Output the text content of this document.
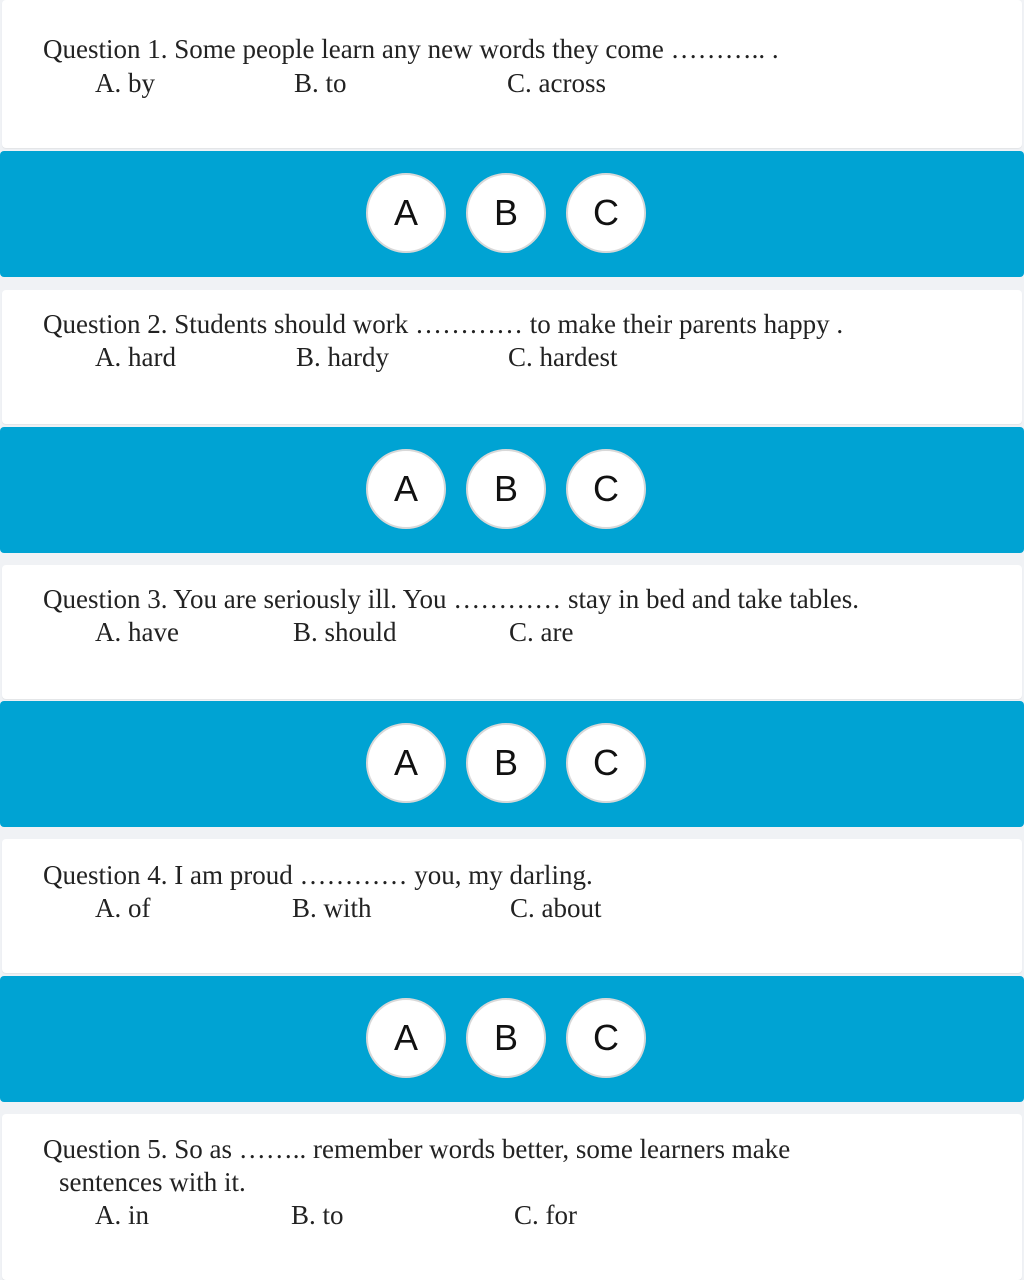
Question 1. Some people learn any new words they come ……….. .
A. by	B. to	C. across
A	B	C
Question 2. Students should work ………… to make their parents happy .
A. hard	B. hardy	C. hardest
A	B	C
Question 3. You are seriously ill. You ………… stay in bed and take tables.
A. have	B. should	C. are
A	B	C
Question 4. I am proud ………… you, my darling.
A. of	B. with	C. about
A	B	C
Question 5. So as …….. remember words better, some learners make
sentences with it.
A. in	B. to	C. for
